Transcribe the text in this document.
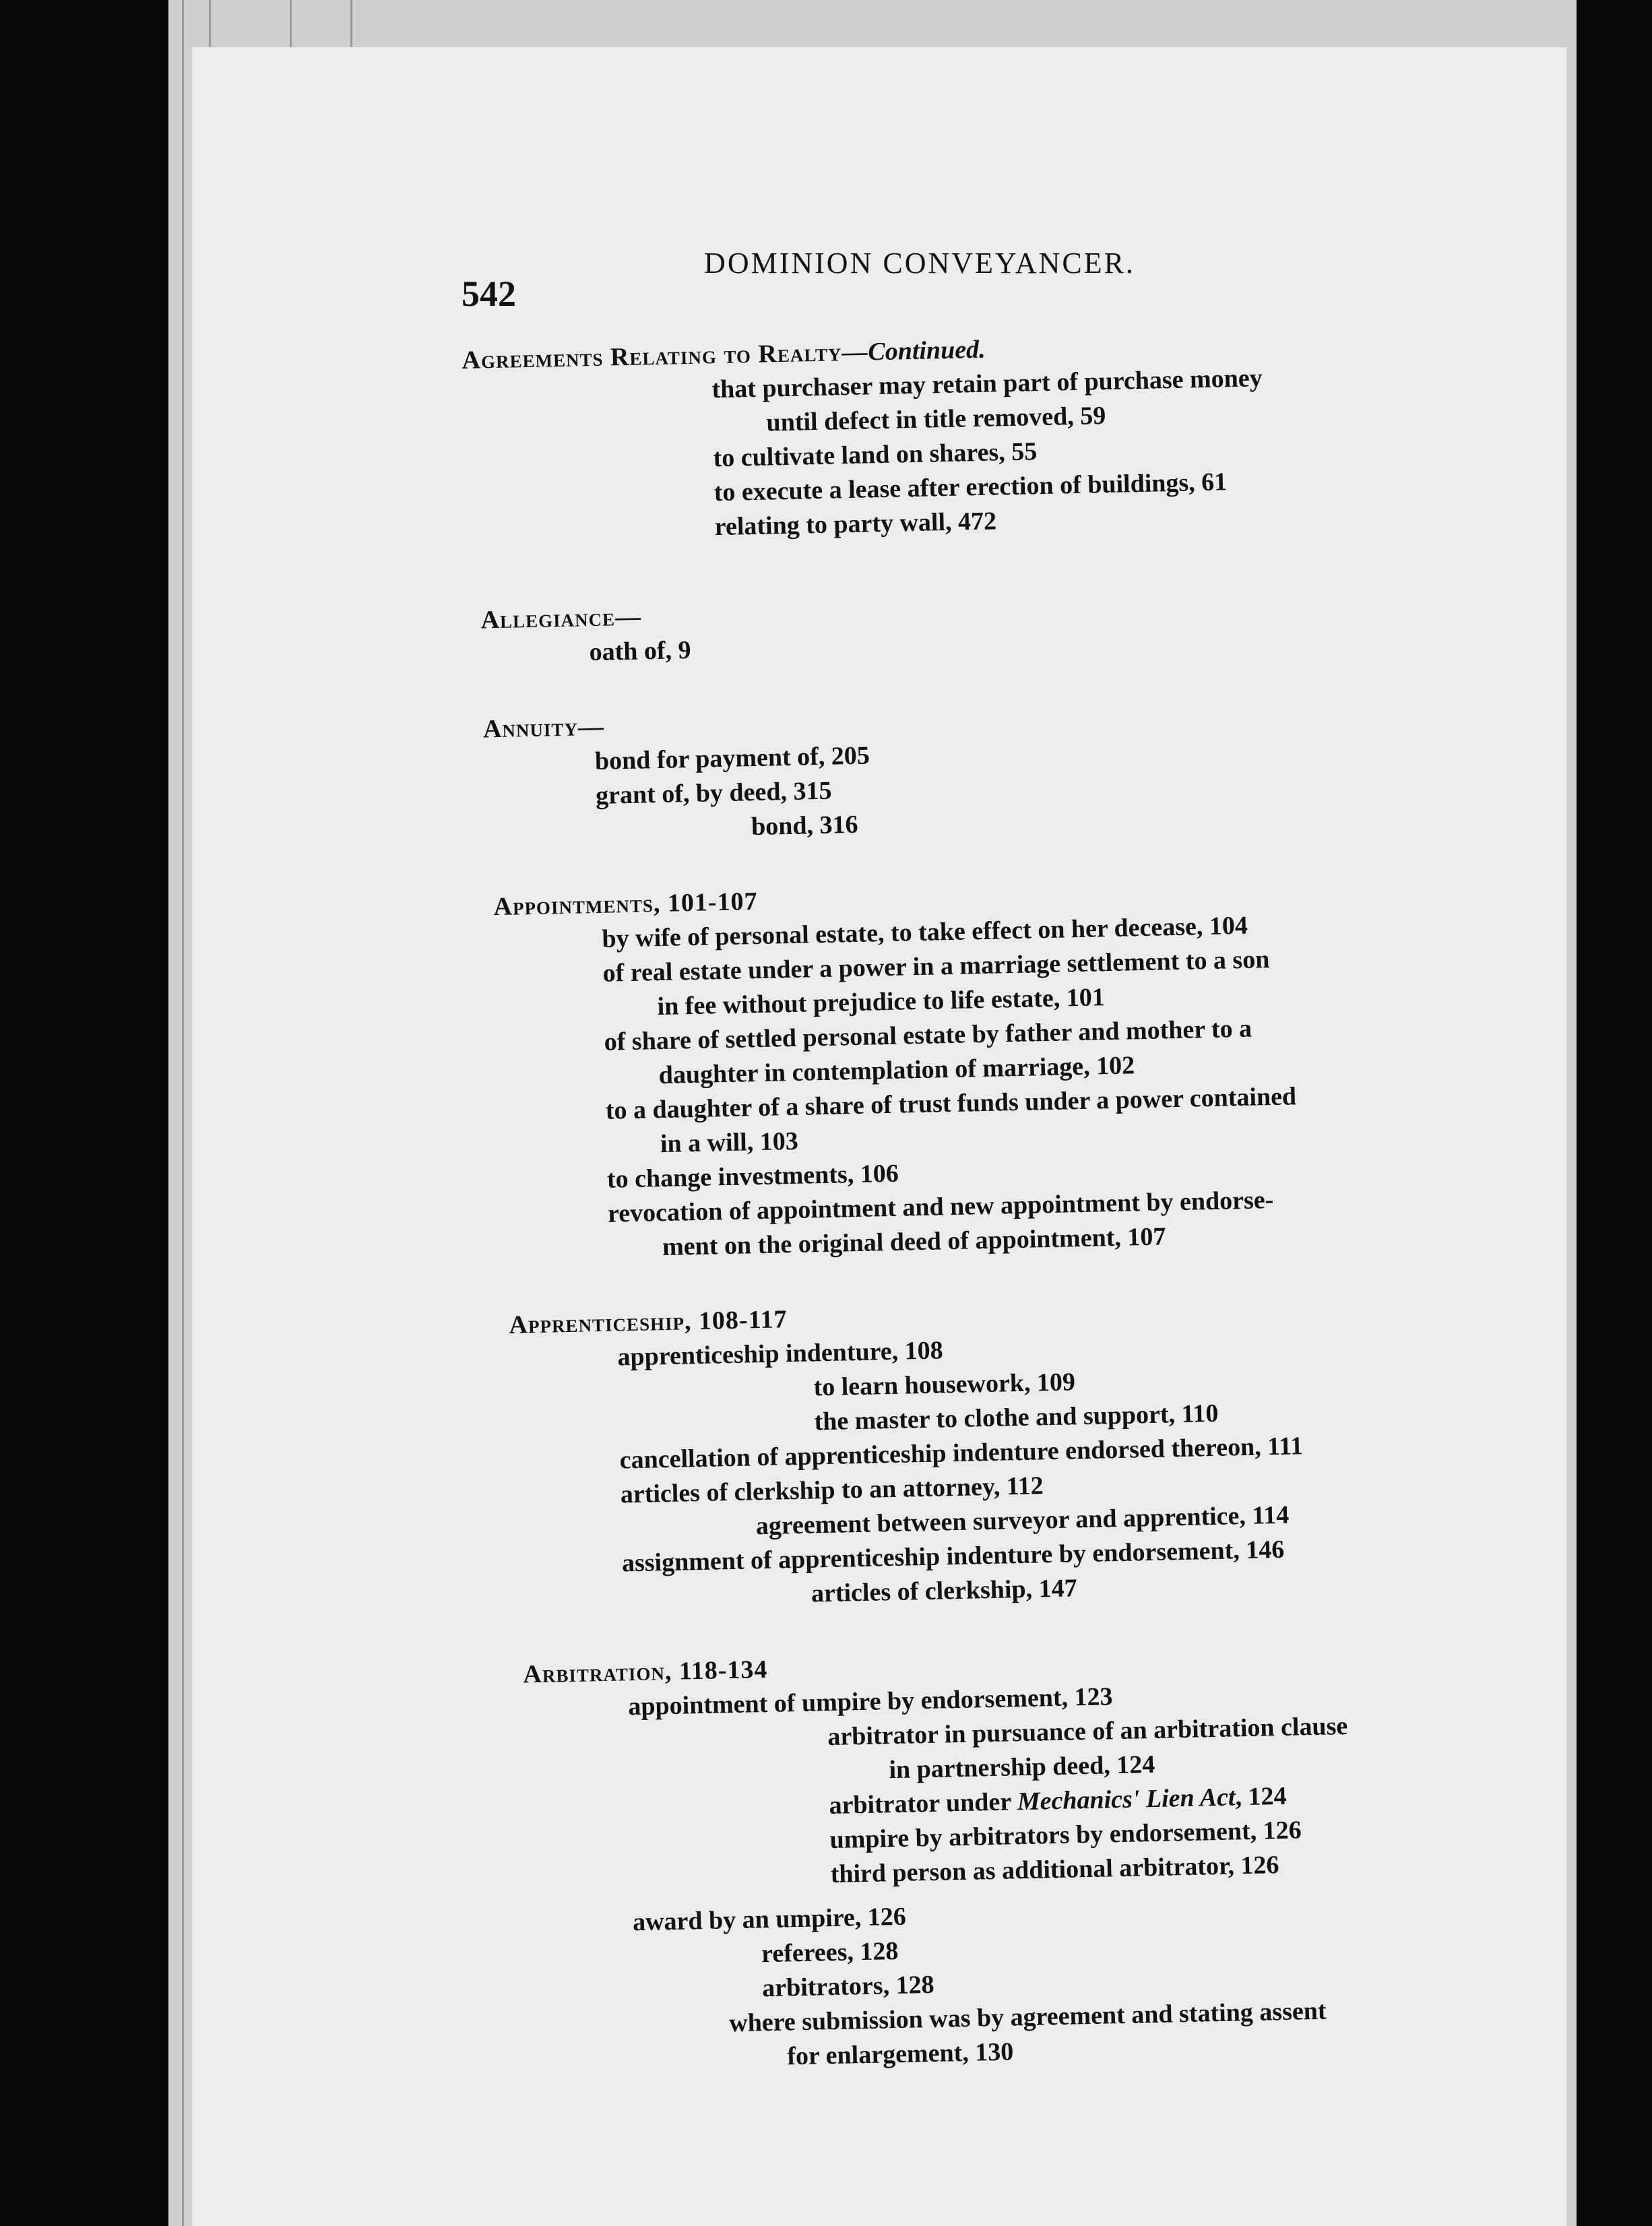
542
DOMINION CONVEYANCER.
Agreements Relating to Realty—Continued.
that purchaser may retain part of purchase money
until defect in title removed, 59
to cultivate land on shares, 55
to execute a lease after erection of buildings, 61
relating to party wall, 472
Allegiance—
oath of, 9
Annuity—
bond for payment of, 205
grant of, by deed, 315
bond, 316
Appointments, 101-107
by wife of personal estate, to take effect on her decease, 104
of real estate under a power in a marriage settlement to a son
in fee without prejudice to life estate, 101
of share of settled personal estate by father and mother to a
daughter in contemplation of marriage, 102
to a daughter of a share of trust funds under a power contained
in a will, 103
to change investments, 106
revocation of appointment and new appointment by endorse-
ment on the original deed of appointment, 107
Apprenticeship, 108-117
apprenticeship indenture, 108
to learn housework, 109
the master to clothe and support, 110
cancellation of apprenticeship indenture endorsed thereon, 111
articles of clerkship to an attorney, 112
agreement between surveyor and apprentice, 114
assignment of apprenticeship indenture by endorsement, 146
articles of clerkship, 147
Arbitration, 118-134
appointment of umpire by endorsement, 123
arbitrator in pursuance of an arbitration clause
in partnership deed, 124
arbitrator under Mechanics' Lien Act, 124
umpire by arbitrators by endorsement, 126
third person as additional arbitrator, 126
award by an umpire, 126
referees, 128
arbitrators, 128
where submission was by agreement and stating assent
for enlargement, 130
